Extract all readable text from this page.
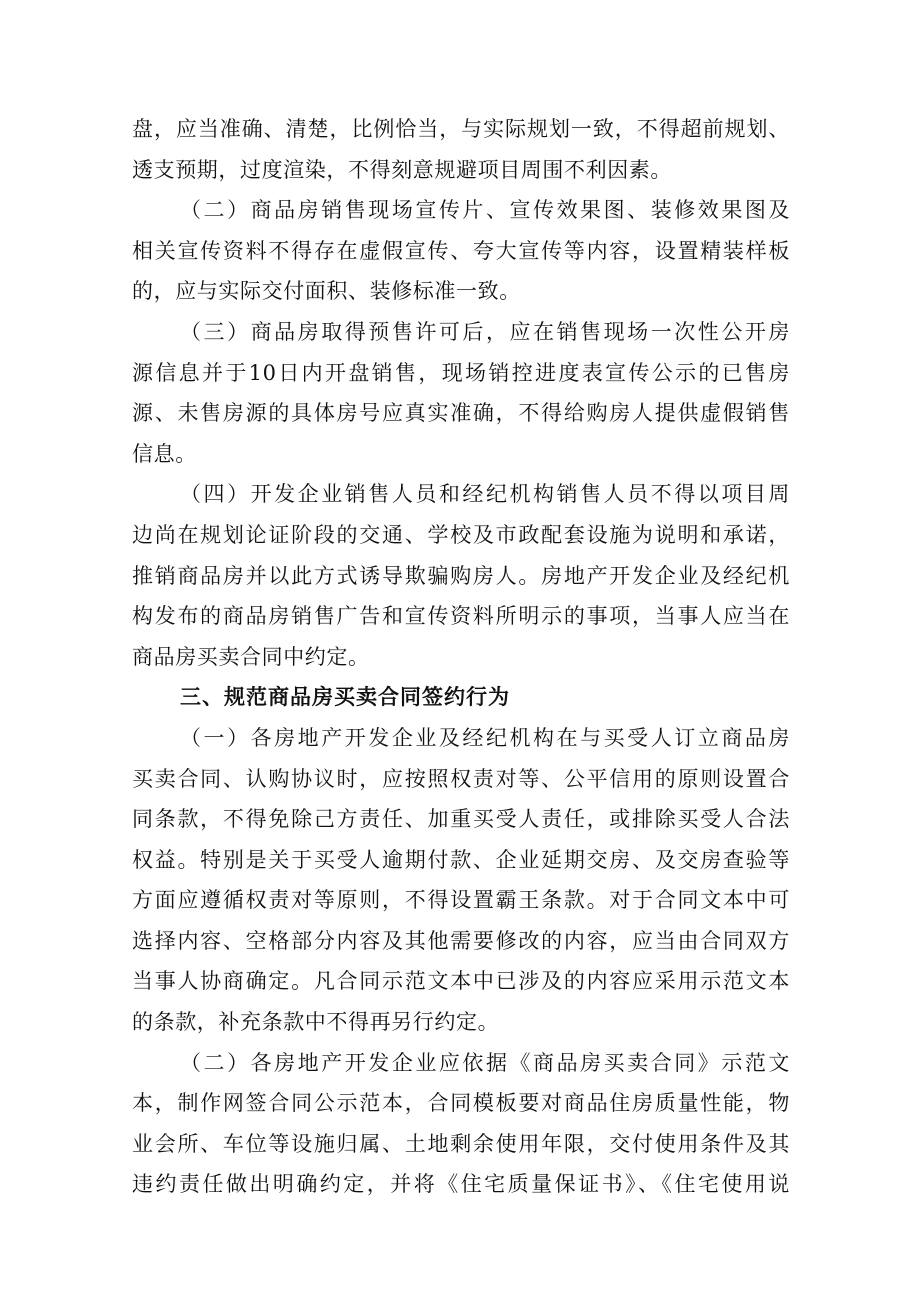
盘，应当准确、清楚，比例恰当，与实际规划一致，不得超前规划、
透支预期，过度渲染，不得刻意规避项目周围不利因素。
（二）商品房销售现场宣传片、宣传效果图、装修效果图及
相关宣传资料不得存在虚假宣传、夸大宣传等内容，设置精装样板
的，应与实际交付面积、装修标准一致。
（三）商品房取得预售许可后，应在销售现场一次性公开房
源信息并于10日内开盘销售，现场销控进度表宣传公示的已售房
源、未售房源的具体房号应真实准确，不得给购房人提供虚假销售
信息。
（四）开发企业销售人员和经纪机构销售人员不得以项目周
边尚在规划论证阶段的交通、学校及市政配套设施为说明和承诺，
推销商品房并以此方式诱导欺骗购房人。房地产开发企业及经纪机
构发布的商品房销售广告和宣传资料所明示的事项，当事人应当在
商品房买卖合同中约定。
三、规范商品房买卖合同签约行为
（一）各房地产开发企业及经纪机构在与买受人订立商品房
买卖合同、认购协议时，应按照权责对等、公平信用的原则设置合
同条款，不得免除己方责任、加重买受人责任，或排除买受人合法
权益。特别是关于买受人逾期付款、企业延期交房、及交房查验等
方面应遵循权责对等原则，不得设置霸王条款。对于合同文本中可
选择内容、空格部分内容及其他需要修改的内容，应当由合同双方
当事人协商确定。凡合同示范文本中已涉及的内容应采用示范文本
的条款，补充条款中不得再另行约定。
（二）各房地产开发企业应依据《商品房买卖合同》示范文
本，制作网签合同公示范本，合同模板要对商品住房质量性能，物
业会所、车位等设施归属、土地剩余使用年限，交付使用条件及其
违约责任做出明确约定，并将《住宅质量保证书》、《住宅使用说
